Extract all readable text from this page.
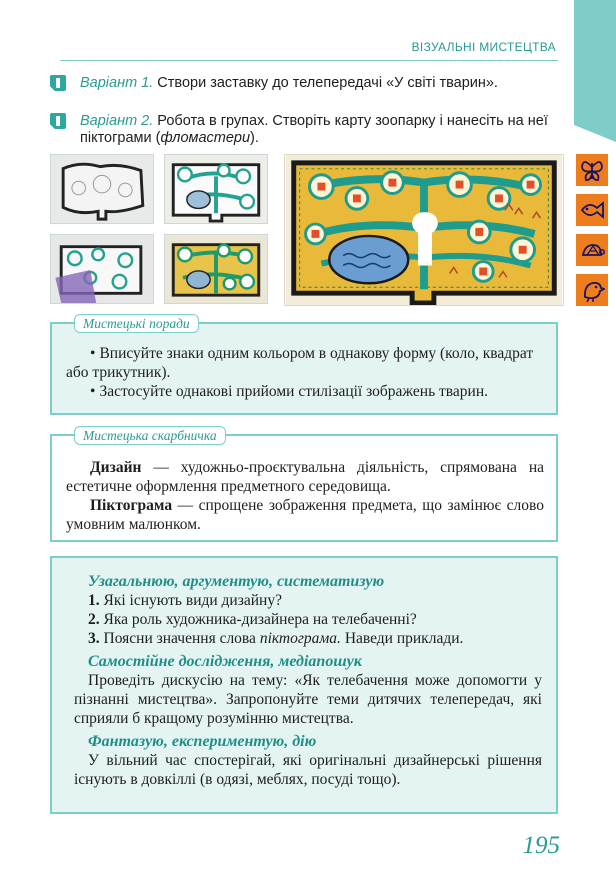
ВІЗУАЛЬНІ МИСТЕЦТВА
Варіант 1. Створи заставку до телепередачі «У світі тварин».
Варіант 2. Робота в групах. Створіть карту зоопарку і нанесіть на неї піктограми (фломастери).
Мистецькі поради

• Вписуйте знаки одним кольором в однакову форму (коло, квадрат або трикутник).

• Застосуйте однакові прийоми стилізації зображень тварин.

Мистецька скарбничка

Дизайн — художньо-проєктувальна діяльність, спрямована на естетичне оформлення предметного середовища.

Піктограма — спрощене зображення предмета, що замінює слово умовним малюнком.

Узагальнюю, аргументую, систематизую
1. Які існують види дизайну?
2. Яка роль художника-дизайнера на телебаченні?
3. Поясни значення слова піктограма. Наведи приклади.
Самостійне дослідження, медіапошук
Проведіть дискусію на тему: «Як телебачення може допомогти у пізнанні мистецтва». Запропонуйте теми дитячих телепередач, які сприяли б кращому розумінню мистецтва.
Фантазую, експериментую, дію
У вільний час спостерігай, які оригінальні дизайнерські рішення існують в довкіллі (в одязі, меблях, посуді тощо).
195
